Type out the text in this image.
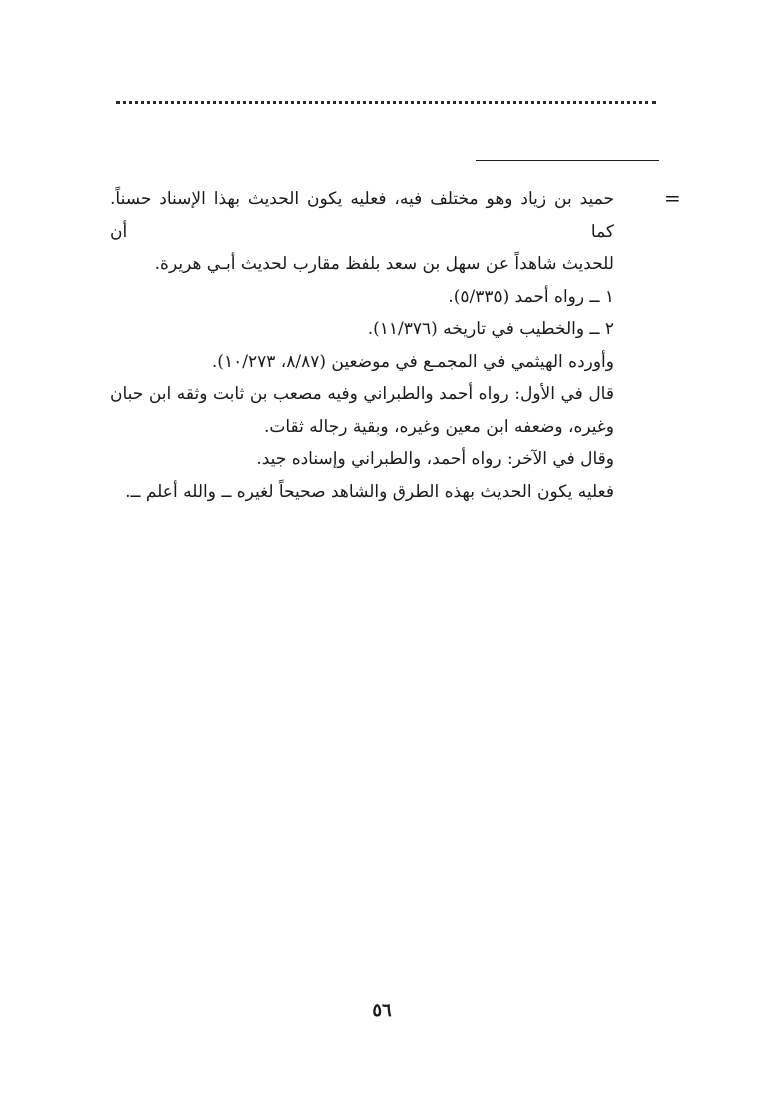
=
حميد بن زياد وهو مختلف فيه، فعليه يكون الحديث بهذا الإسناد حسناً. كما أن
للحديث شاهداً عن سهل بن سعد بلفظ مقارب لحديث أبـي هريرة.
١ ــ رواه أحمد (٥/٣٣٥).
٢ ــ والخطيب في تاريخه (١١/٣٧٦).
وأورده الهيثمي في المجمـع في موضعين (٨/٨٧، ١٠/٢٧٣).
قال في الأول: رواه أحمد والطبراني وفيه مصعب بن ثابت وثقه ابن حبان
وغيره، وضعفه ابن معين وغيره، وبقية رجاله ثقات.
وقال في الآخر: رواه أحمد، والطبراني وإسناده جيد.
فعليه يكون الحديث بهذه الطرق والشاهد صحيحاً لغيره ــ والله أعلم ــ.
٥٦
